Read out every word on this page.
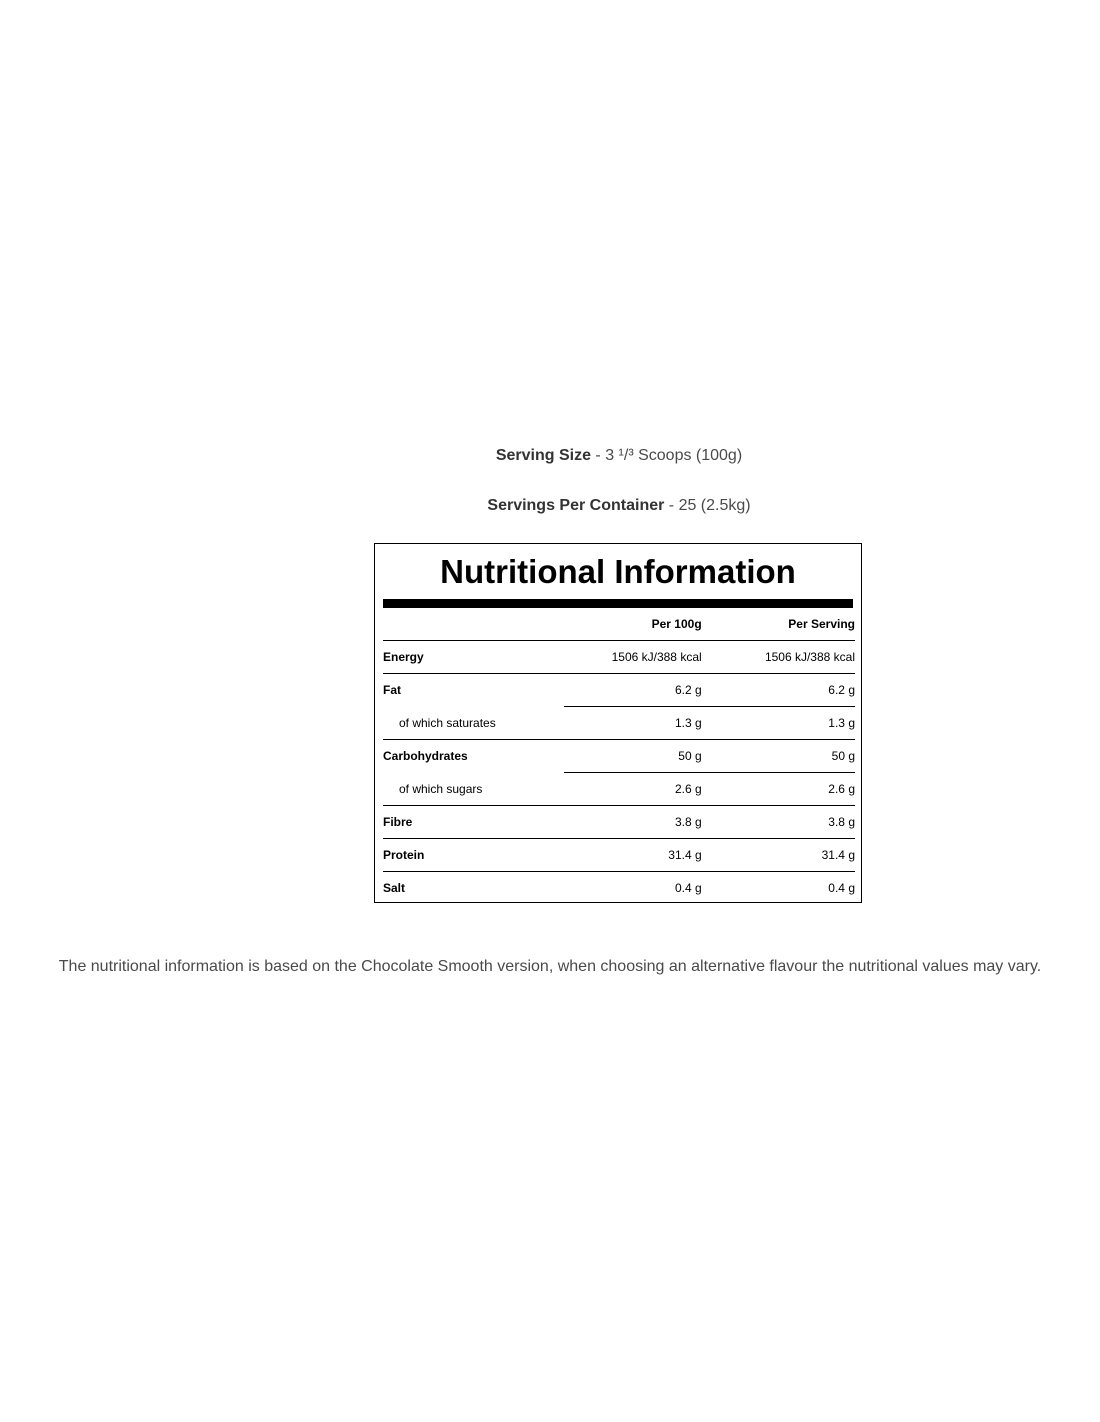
Serving Size - 3 ¹/³ Scoops (100g)
Servings Per Container - 25 (2.5kg)
Nutritional Information
	Per 100g	Per Serving
Energy	1506 kJ/388 kcal	1506 kJ/388 kcal
Fat	6.2 g	6.2 g
of which saturates	1.3 g	1.3 g
Carbohydrates	50 g	50 g
of which sugars	2.6 g	2.6 g
Fibre	3.8 g	3.8 g
Protein	31.4 g	31.4 g
Salt	0.4 g	0.4 g
The nutritional information is based on the Chocolate Smooth version, when choosing an alternative flavour the nutritional values may vary.
